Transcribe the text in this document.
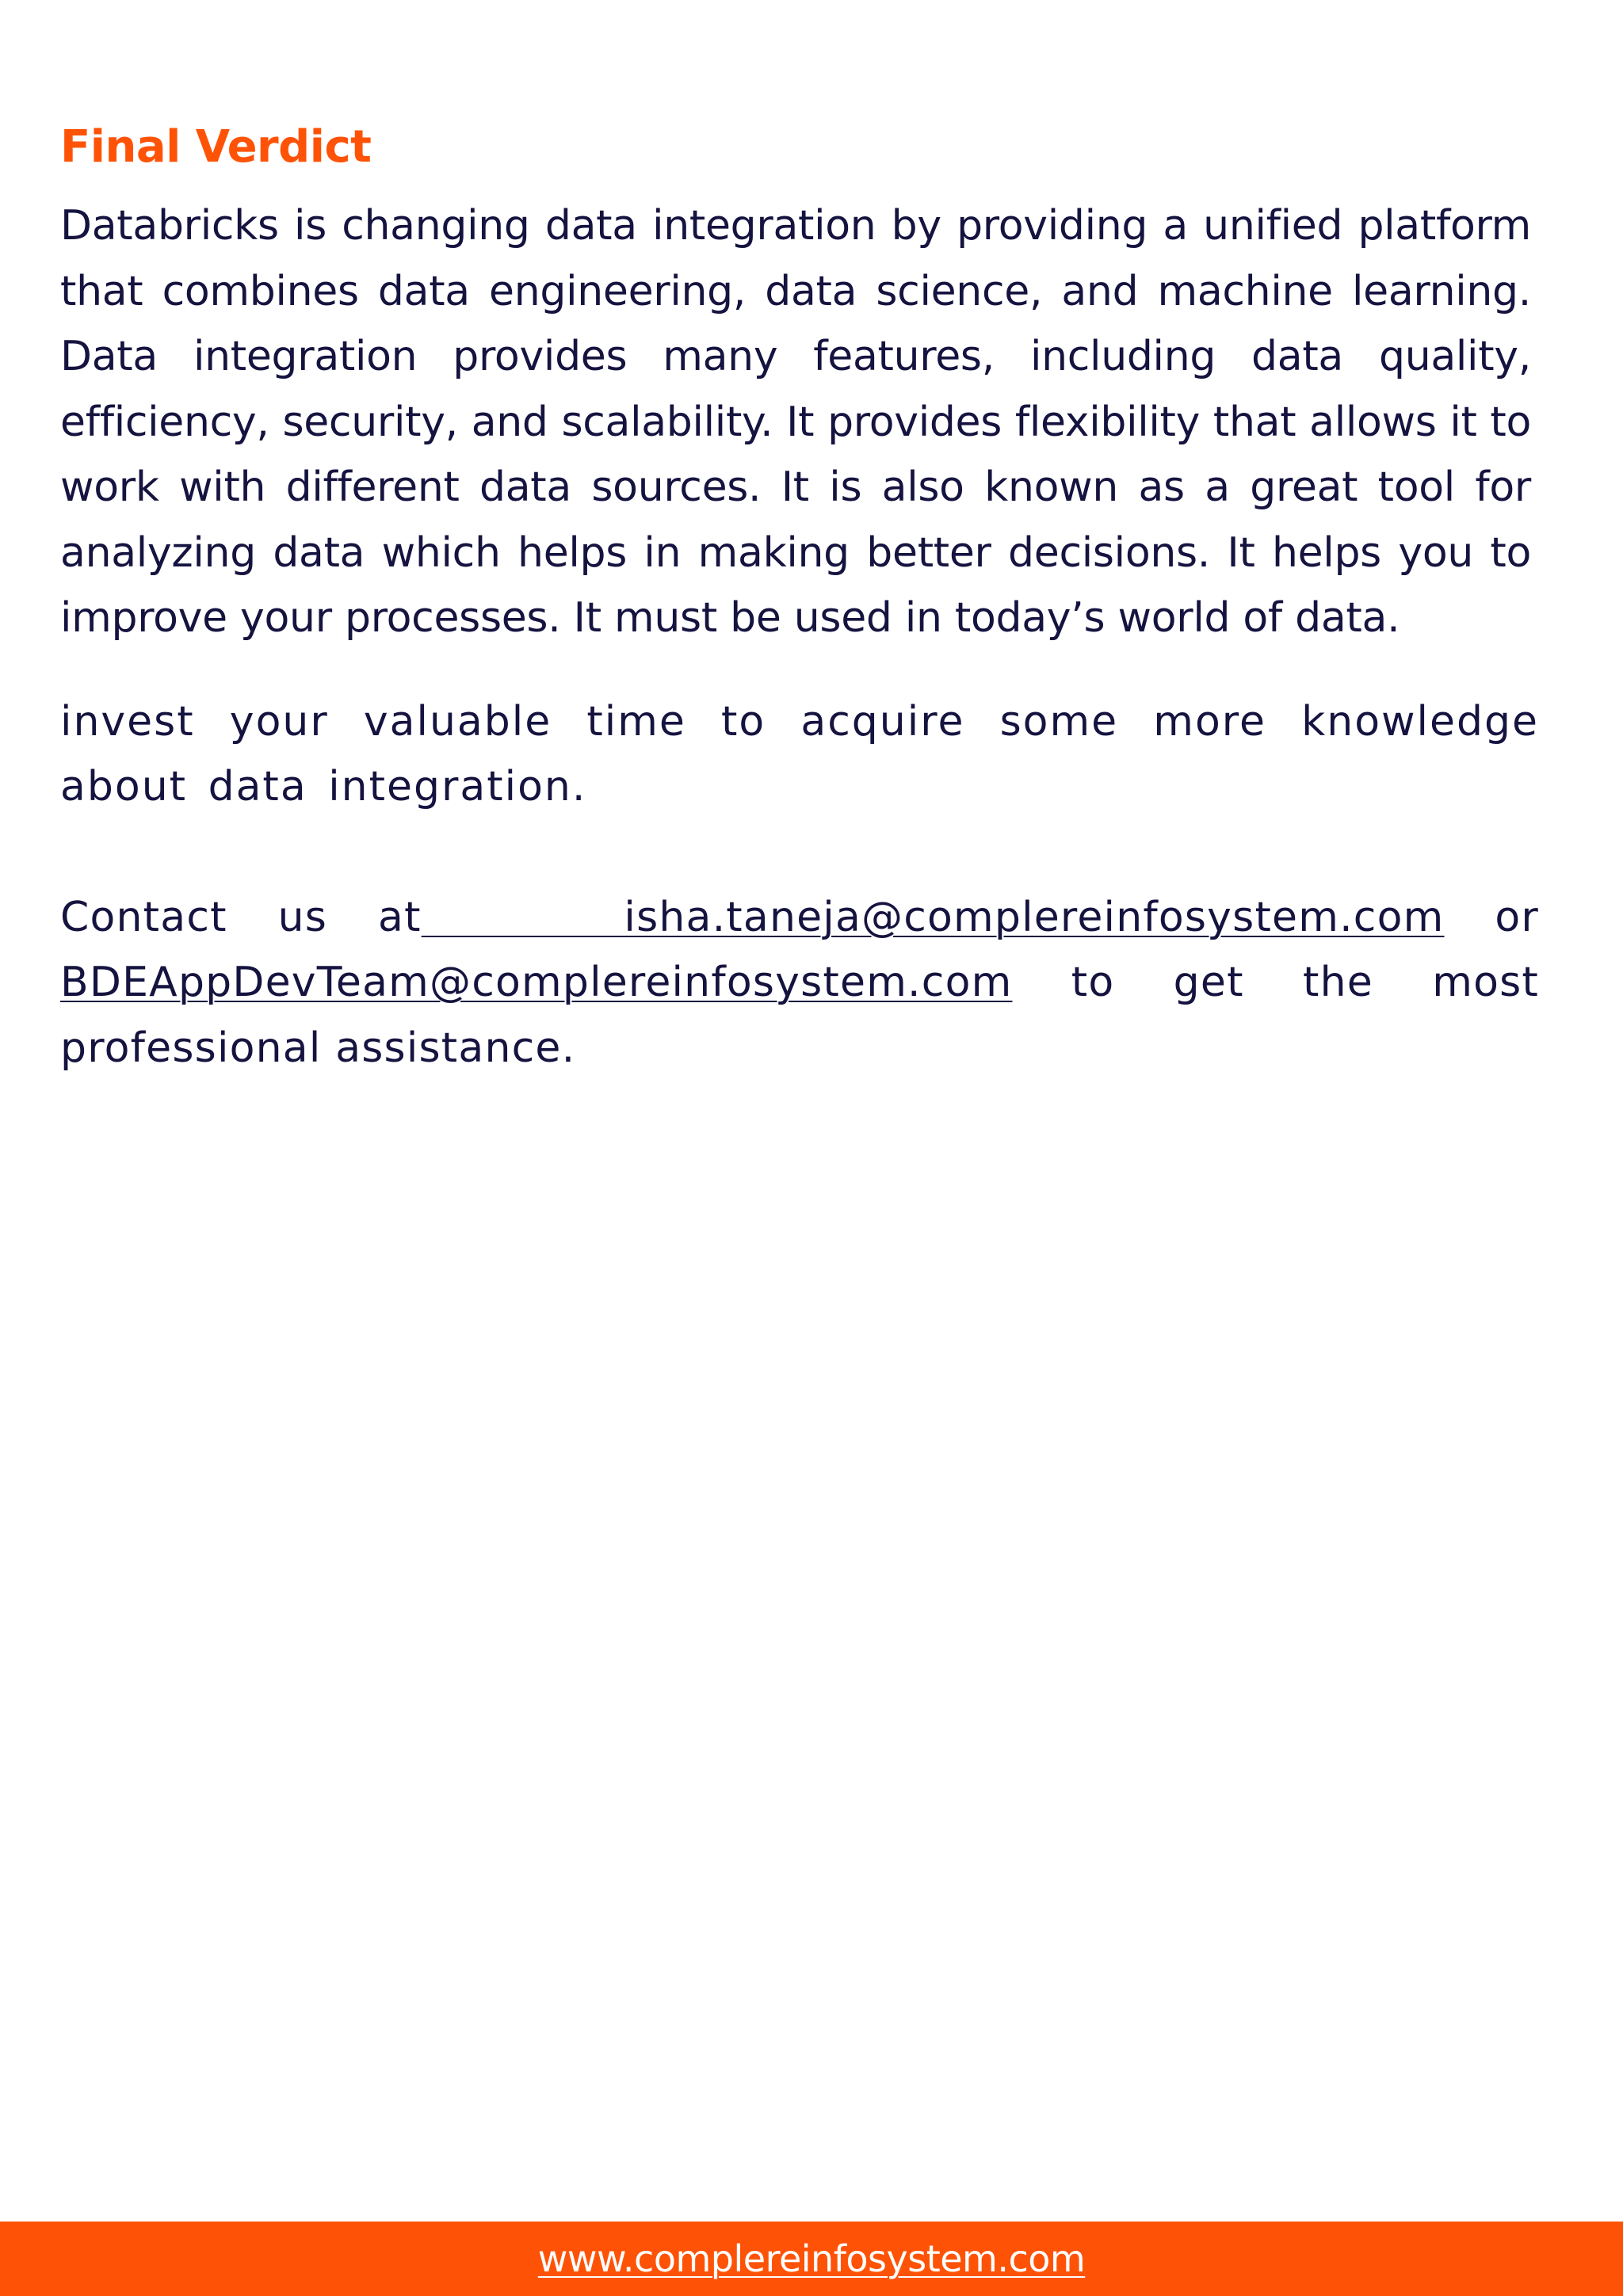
Final Verdict

Databricks is changing data integration by providing a unified platform that combines data engineering, data science, and machine learning. Data integration provides many features, including data quality, efficiency, security, and scalability. It provides flexibility that allows it to work with different data sources. It is also known as a great tool for analyzing data which helps in making better decisions. It helps you to improve your processes. It must be used in today’s world of data.

invest your valuable time to acquire some more knowledge about data integration.

Contact us at    isha.taneja@complereinfosystem.com or BDEAppDevTeam@complereinfosystem.com to get the most professional assistance.

www.complereinfosystem.com
